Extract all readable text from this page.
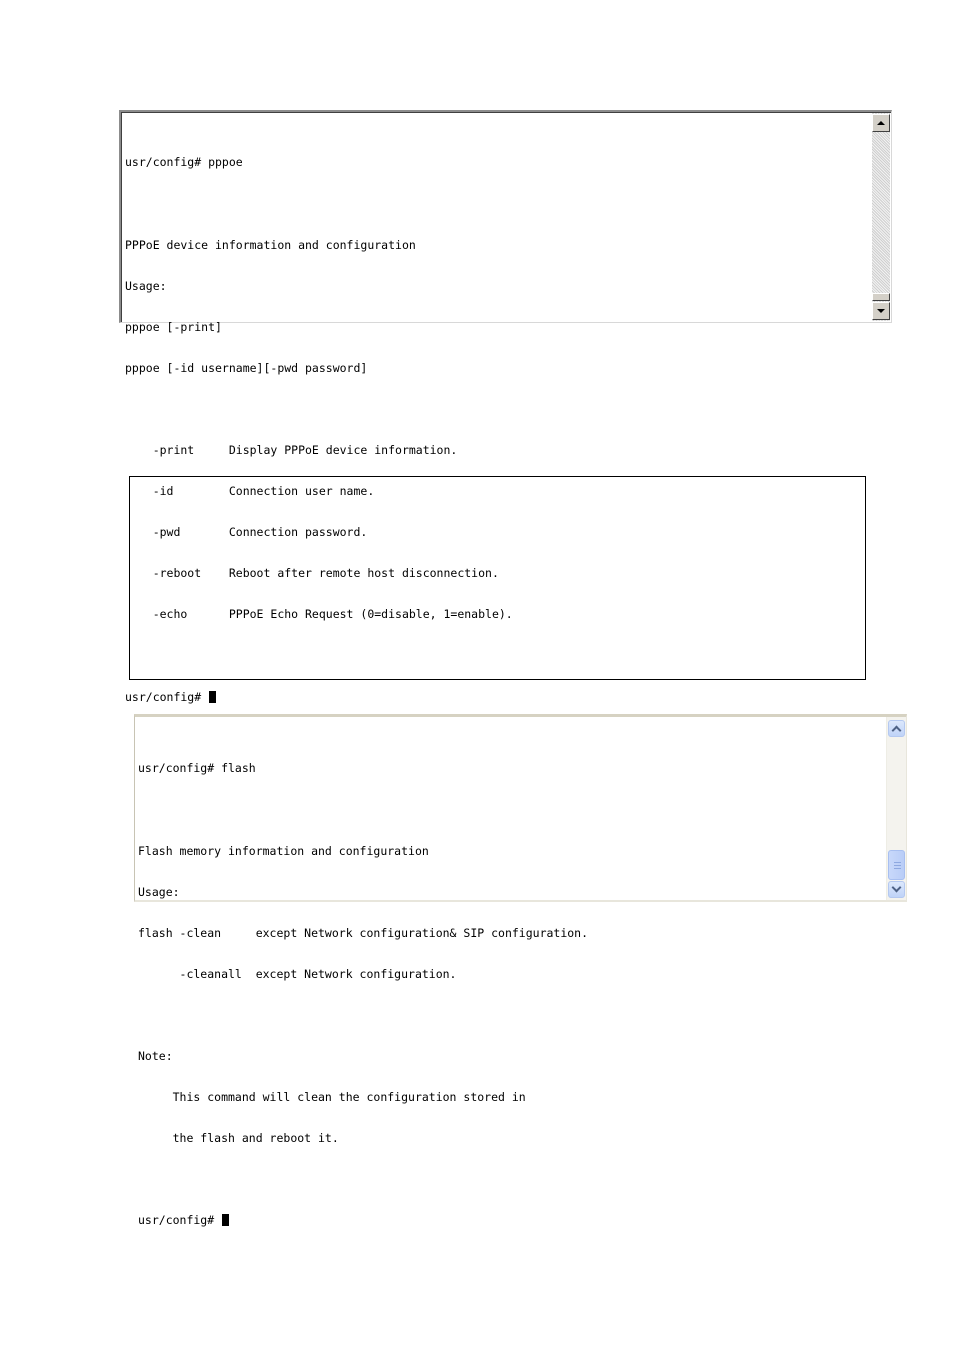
usr/config# pppoe

PPPoE device information and configuration

Usage:

pppoe [-print]

pppoe [-id username][-pwd password]

-print     Display PPPoE device information.

-id        Connection user name.

-pwd       Connection password.

-reboot    Reboot after remote host disconnection.

-echo      PPPoE Echo Request (0=disable, 1=enable).

usr/config#

usr/config# flash

Flash memory information and configuration

Usage:

flash -clean     except Network configuration& SIP configuration.

-cleanall  except Network configuration.

Note:

This command will clean the configuration stored in

the flash and reboot it.

usr/config#
